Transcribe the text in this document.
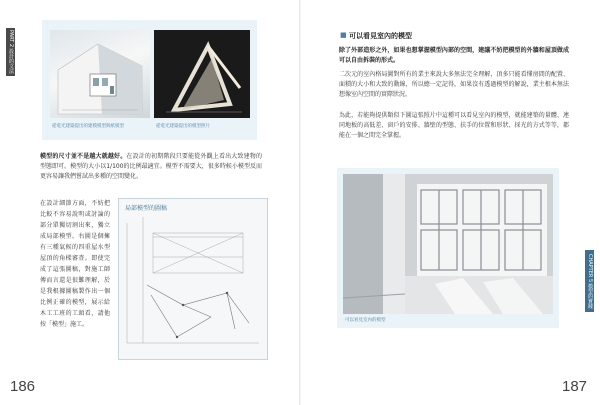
PART 2 設計的文法
從電光建築提出的建模模型與紙模型	從電光建築提出的模型照片
模型的尺寸並不是越大就越好。在設計的初期階段只要能從外觀上看出大致建物的型態即可。模型的大小以1/100的比例最適宜。模型不需要大，很多時候小模型反而更容易讓我們嘗試出多種的空間變化。
在設計細節方面，不妨把比較不容易說明或討論的部分單獨切割出來，獨立成局部模型。右圖是個擁有三種氣候的四重屋水型屋頂的角樑審査。即使完成了這張圖稿，對施工師傅而言還是很難理解，於是我根據圖稿製作出一個比例正確的模型，展示給木工工班的工頭看，請他按「模型」施工。
局部模型的圖稿
186
■ 可以看見室內的模型
除了外部造形之外，如果也想掌握模型內部的空間，建議不妨把模型的外牆和屋頂做成可以自由拆裝的形式。
二次元的室內格局圖對所有的業主來說大多無法完全理解，頂多只能看懂房間的配置、面積的大小和大致的動線，所以總一定記得，如果沒有透過模型的解說，業主根本無法想像室內空間的實際狀況。
為此，若能夠提供類似下圖這張照片中這種可以看見室內的模型，就能建築的量體、連同地板的高低差、窗戶的安排、牆壁的型態、扶手的位置和形狀、採光的方式等等，都能在一個之間完全掌握。
可以看見室內的模型
CHAPTER 5 模型的實踐
187
